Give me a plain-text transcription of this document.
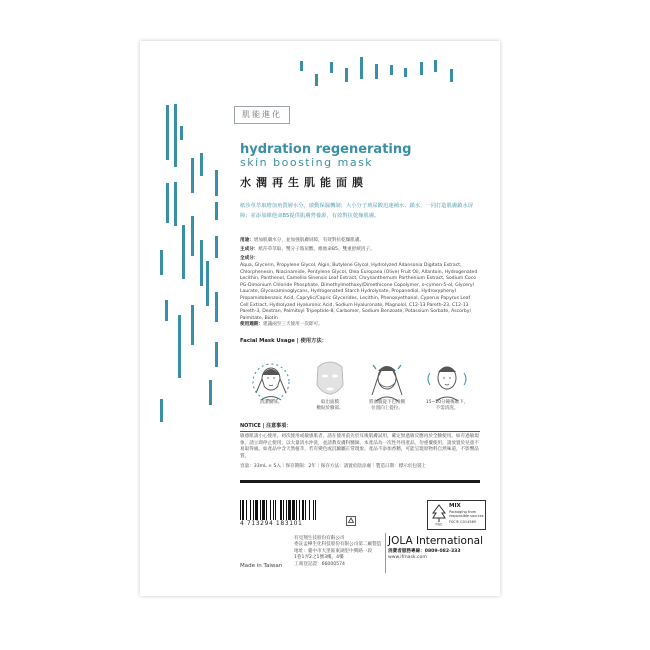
肌能進化
hydration regenerating
skin boosting mask
水潤再生肌能面膜
紙莎草萃取增加角質層水分，啟動保濕機制；大小分子玻尿酸迅速補水、鎖水，一同打造肌膚鎖水屏障；並添加維他命B5提供肌膚營養源，有效對抗乾燥肌膚。
用途：增加肌膚水分，並加強肌膚屏障，有效對抗乾燥肌膚。
主成分：紙莎草萃取、雙分子玻尿酸、維他命B5、雙重舒緩因子。
全成分：
Aqua, Glycerin, Propylene Glycol, Algin, Butylene Glycol, Hydrolyzed Adansonia Digitata Extract, Chlorphenesin, Niacinamide, Pentylene Glycol, Olea Europaea (Olive) Fruit Oil, Allantoin, Hydrogenated Lecithin, Panthenol, Camellia Sinensis Leaf Extract, Chrysanthemum Parthenium Extract, Sodium Coco PG-Dimonium Chloride Phosphate, Dimethylmethoxy/Dimethicone Copolymer, o-cymen-5-ol, Glyceryl Laurate, Glycosaminoglycans, Hydrogenated Starch Hydrolysate, Propanediol, Hydroxyphenyl Propamidobenzoic Acid, Caprylic/Capric Glycerides, Lecithin, Phenoxyethanol, Cyperus Papyrus Leaf Cell Extract, Hydrolyzed Hyaluronic Acid, Sodium Hyaluronate, Magnolol, C12-13 Pareth-23, C12-13 Pareth-3, Dextran, Palmitoyl Tripeptide-8, Carbomer, Sodium Benzoate, Potassium Sorbate, Ascorbyl Palmitate, Biotin
使用週期：建議兩至三天使用一次即可。
Facial Mask Usage | 使用方法：
清潔臉部。	取出面膜
敷貼於臉部。
將面膜從下巴兩側
位置向上提拉。
15~20分鐘後取下，
不需清洗。
NOTICE | 注意事項：
敏感肌請小心使用。初次使用或敏感肌者，請在使用前先於耳後肌膚試用，確定無過敏反應再於全臉使用。如有過敏現象，請立即停止使用，以大量清水沖洗，並請教皮膚科醫師。本產品為一次性外用產品，勿重覆使用，請放置於兒童不易取得處。如產品中含天然植萃，若有變色或沉澱屬正常現象。產品不添加香精，可能呈現原物料自然味道，不影響品質。
容量：33mL × 5入｜保存期限：2年｜保存方法：請置於陰涼處｜製造日期：標示於包裝上
4 713294 183101	FSC
MIX
Packaging from
responsible sources
FSC® C014569
有見翔生技股份有限公司
委託孟樺生化科技股份有限公司第二廠製造
地址：臺中市大里區東湖里中興路一段
1巷1弄2之1號3樓、4樓
工商登記證：66000574
JOLA International
消費者服務專線：0809-082-333
www.ifmask.com
Made in Taiwan
